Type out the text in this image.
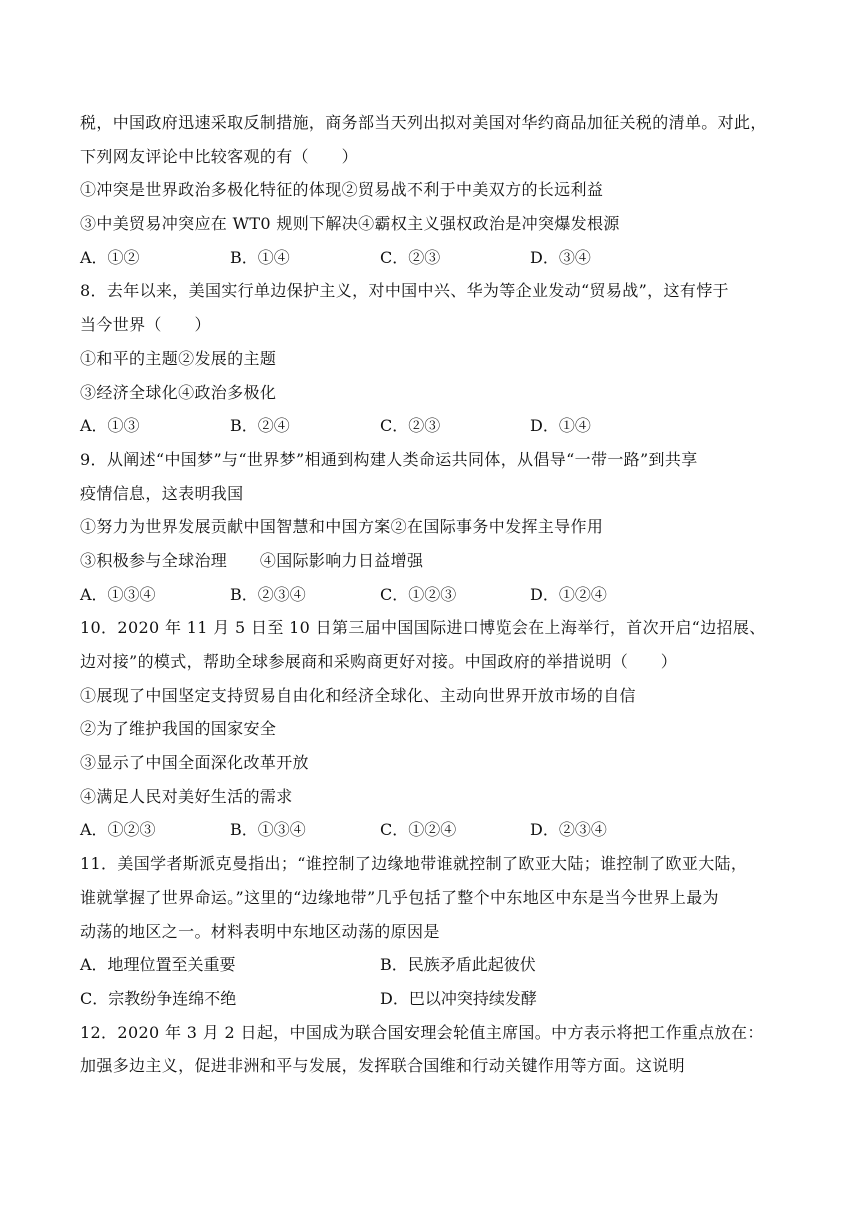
税，中国政府迅速采取反制措施，商务部当天列出拟对美国对华约商品加征关税的清单。对此，
下列网友评论中比较客观的有（　　）
①冲突是世界政治多极化特征的体现②贸易战不利于中美双方的长远利益
③中美贸易冲突应在 WT0 规则下解决④霸权主义强权政治是冲突爆发根源
A．①②	B．①④	C．②③	D．③④
8．去年以来，美国实行单边保护主义，对中国中兴、华为等企业发动“贸易战”，这有悖于
当今世界（　　）
①和平的主题②发展的主题
③经济全球化④政治多极化
A．①③	B．②④	C．②③	D．①④
9．从阐述“中国梦”与“世界梦”相通到构建人类命运共同体，从倡导“一带一路”到共享
疫情信息，这表明我国
①努力为世界发展贡献中国智慧和中国方案②在国际事务中发挥主导作用
③积极参与全球治理　　④国际影响力日益增强
A．①③④	B．②③④	C．①②③	D．①②④
10．2020 年 11 月 5 日至 10 日第三届中国国际进口博览会在上海举行，首次开启“边招展、
边对接”的模式，帮助全球参展商和采购商更好对接。中国政府的举措说明（　　）
①展现了中国坚定支持贸易自由化和经济全球化、主动向世界开放市场的自信
②为了维护我国的国家安全
③显示了中国全面深化改革开放
④满足人民对美好生活的需求
A．①②③	B．①③④	C．①②④	D．②③④
11．美国学者斯派克曼指出；“谁控制了边缘地带谁就控制了欧亚大陆；谁控制了欧亚大陆，
谁就掌握了世界命运。”这里的“边缘地带”几乎包括了整个中东地区中东是当今世界上最为
动荡的地区之一。材料表明中东地区动荡的原因是
A．地理位置至关重要	B．民族矛盾此起彼伏
C．宗教纷争连绵不绝	D．巴以冲突持续发酵
12．2020 年 3 月 2 日起，中国成为联合国安理会轮值主席国。中方表示将把工作重点放在：
加强多边主义，促进非洲和平与发展，发挥联合国维和行动关键作用等方面。这说明
